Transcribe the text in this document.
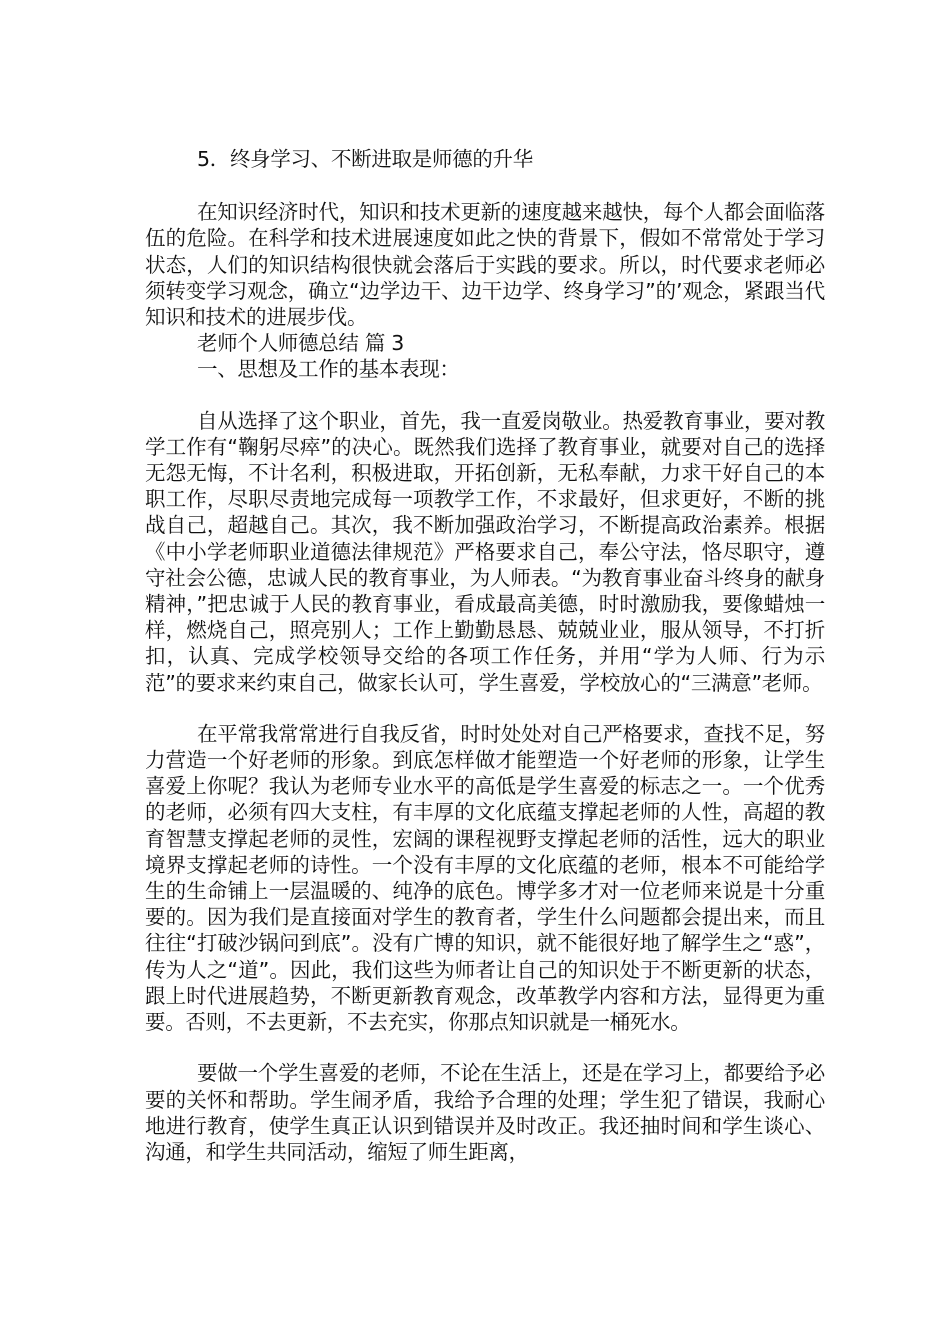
5．终身学习、不断进取是师德的升华

在知识经济时代，知识和技术更新的速度越来越快，每个人都会面临落伍的危险。在科学和技术进展速度如此之快的背景下，假如不常常处于学习状态，人们的知识结构很快就会落后于实践的要求。所以，时代要求老师必须转变学习观念，确立“边学边干、边干边学、终身学习”的’观念，紧跟当代知识和技术的进展步伐。

老师个人师德总结 篇 3

一、思想及工作的基本表现：

自从选择了这个职业，首先，我一直爱岗敬业。热爱教育事业，要对教学工作有“鞠躬尽瘁”的决心。既然我们选择了教育事业，就要对自己的选择无怨无悔，不计名利，积极进取，开拓创新，无私奉献，力求干好自己的本职工作，尽职尽责地完成每一项教学工作，不求最好，但求更好，不断的挑战自己，超越自己。其次，我不断加强政治学习，不断提高政治素养。根据《中小学老师职业道德法律规范》严格要求自己，奉公守法，恪尽职守，遵守社会公德，忠诚人民的教育事业，为人师表。“为教育事业奋斗终身的献身精神，”把忠诚于人民的教育事业，看成最高美德，时时激励我，要像蜡烛一样，燃烧自己，照亮别人；工作上勤勤恳恳、兢兢业业，服从领导，不打折扣，认真、完成学校领导交给的各项工作任务，并用“学为人师、行为示范”的要求来约束自己，做家长认可，学生喜爱，学校放心的“三满意”老师。

在平常我常常进行自我反省，时时处处对自己严格要求，查找不足，努力营造一个好老师的形象。到底怎样做才能塑造一个好老师的形象，让学生喜爱上你呢？我认为老师专业水平的高低是学生喜爱的标志之一。一个优秀的老师，必须有四大支柱，有丰厚的文化底蕴支撑起老师的人性，高超的教育智慧支撑起老师的灵性，宏阔的课程视野支撑起老师的活性，远大的职业境界支撑起老师的诗性。一个没有丰厚的文化底蕴的老师，根本不可能给学生的生命铺上一层温暖的、纯净的底色。博学多才对一位老师来说是十分重要的。因为我们是直接面对学生的教育者，学生什么问题都会提出来，而且往往“打破沙锅问到底”。没有广博的知识，就不能很好地了解学生之“惑”，传为人之“道”。因此，我们这些为师者让自己的知识处于不断更新的状态，跟上时代进展趋势，不断更新教育观念，改革教学内容和方法，显得更为重要。否则，不去更新，不去充实，你那点知识就是一桶死水。

要做一个学生喜爱的老师，不论在生活上，还是在学习上，都要给予必要的关怀和帮助。学生闹矛盾，我给予合理的处理；学生犯了错误，我耐心地进行教育，使学生真正认识到错误并及时改正。我还抽时间和学生谈心、沟通，和学生共同活动，缩短了师生距离，
